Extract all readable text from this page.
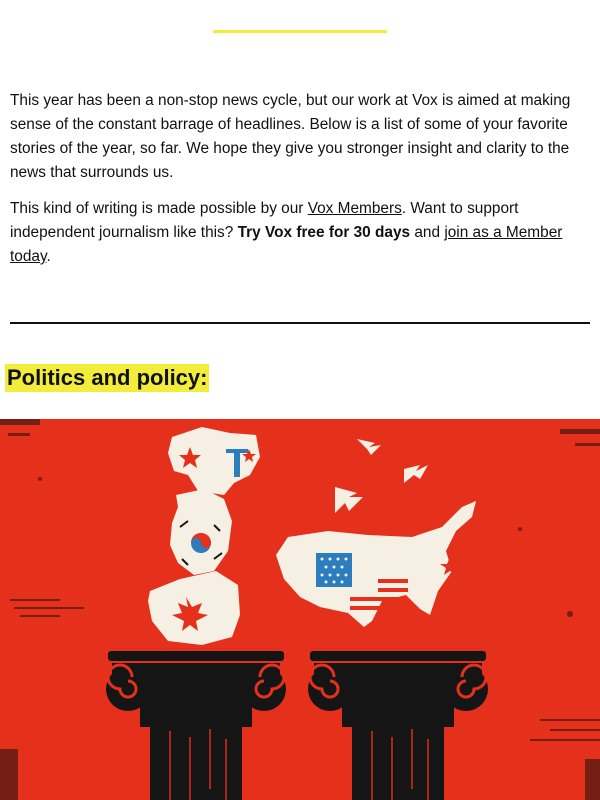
This year has been a non-stop news cycle, but our work at Vox is aimed at making sense of the constant barrage of headlines. Below is a list of some of your favorite stories of the year, so far. We hope they give you stronger insight and clarity to the news that surrounds us.

This kind of writing is made possible by our Vox Members. Want to support independent journalism like this? Try Vox free for 30 days and join as a Member today.

Politics and policy:
